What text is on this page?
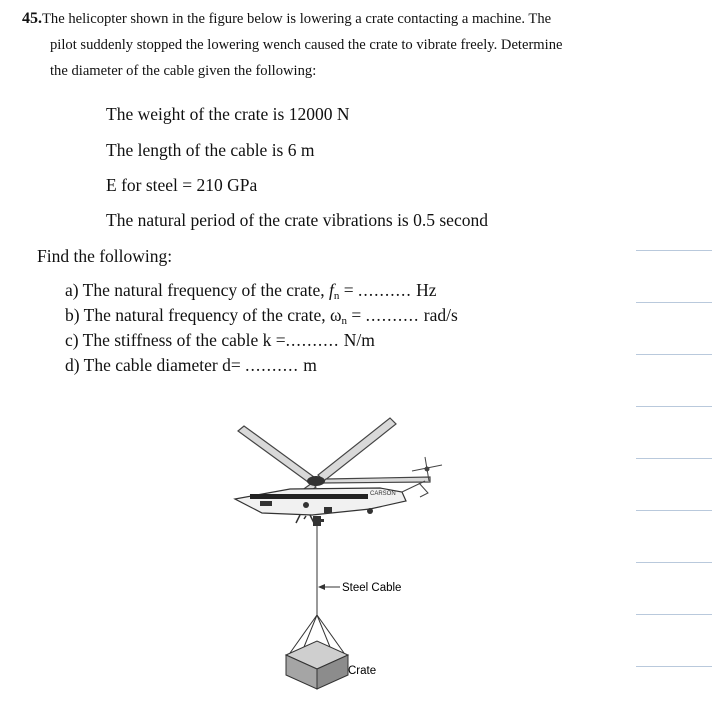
45.The helicopter shown in the figure below is lowering a crate contacting a machine. The

pilot suddenly stopped the lowering wench caused the crate to vibrate freely. Determine

the diameter of the cable given the following:

The weight of the crate is 12000 N
The length of the cable is 6 m
E for steel = 210 GPa
The natural period of the crate vibrations is 0.5 second
Find the following:
a) The natural frequency of the crate, $f_n$ = .......... Hz
b) The natural frequency of the crate, $\omega_n$ = .......... rad/s
c) The stiffness of the cable k =.......... N/m
d) The cable diameter d= .......... m
CARSON
Steel Cable
Crate
